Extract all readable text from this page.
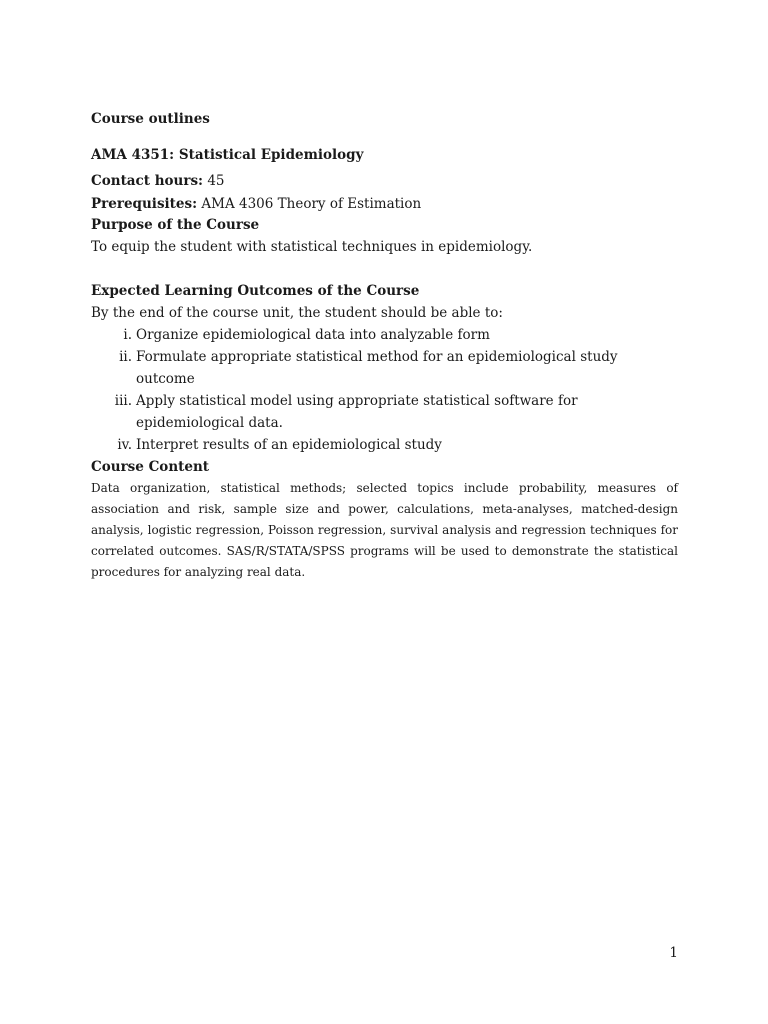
Course outlines
AMA 4351: Statistical Epidemiology
Contact hours: 45
Prerequisites: AMA 4306 Theory of Estimation
Purpose of the Course
To equip the student with statistical techniques in epidemiology.
Expected Learning Outcomes of the Course
By the end of the course unit, the student should be able to:
i. Organize epidemiological data into analyzable form
ii. Formulate appropriate statistical method for an epidemiological study outcome
iii. Apply statistical model using appropriate statistical software for epidemiological data.
iv. Interpret results of an epidemiological study
Course Content
Data organization, statistical methods; selected topics include probability, measures of association and risk, sample size and power, calculations, meta-analyses, matched-design analysis, logistic regression, Poisson regression, survival analysis and regression techniques for correlated outcomes. SAS/R/STATA/SPSS programs will be used to demonstrate the statistical procedures for analyzing real data.
1
